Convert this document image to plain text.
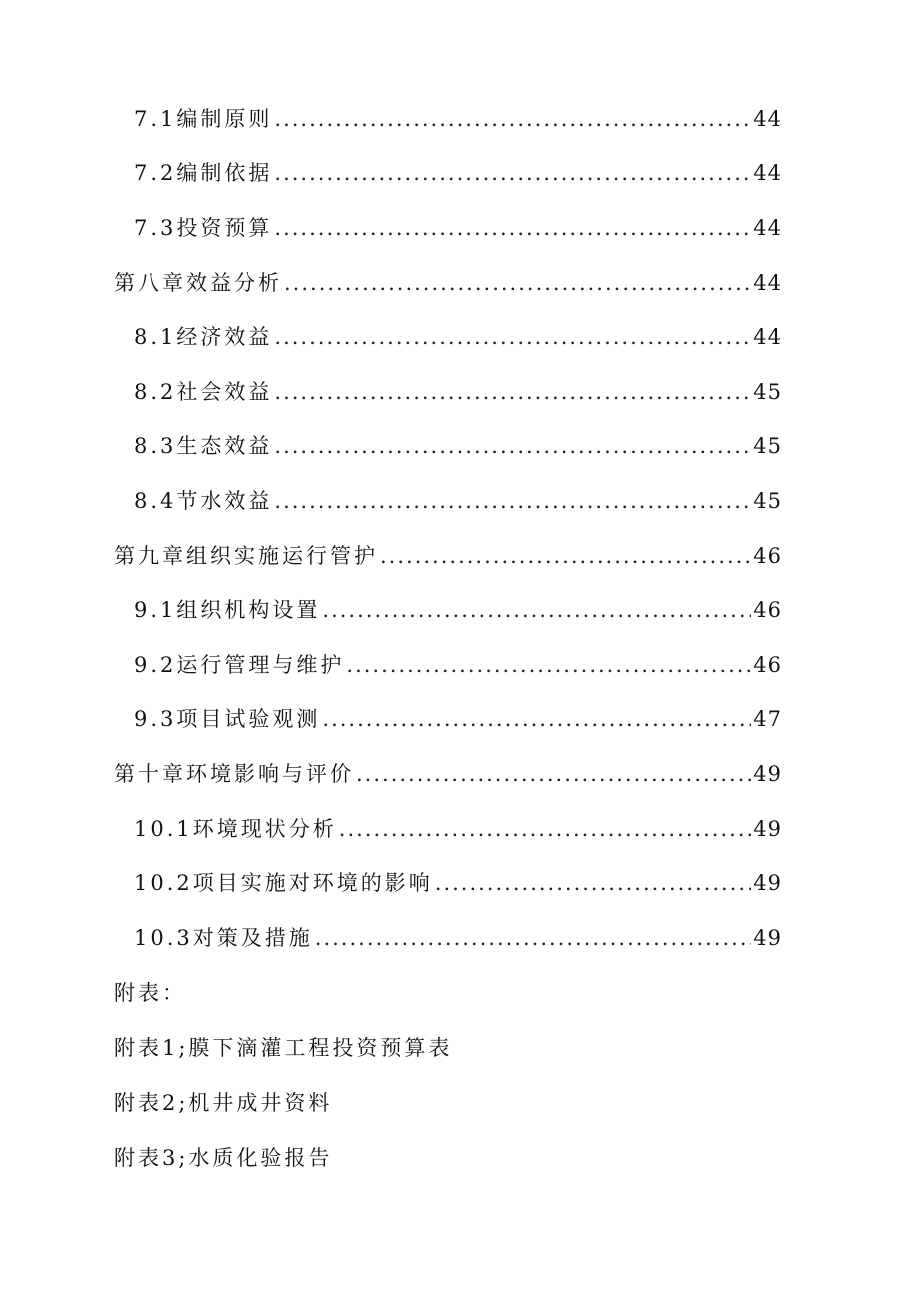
7.1编制原则 .....	44
7.2编制依据 .....	44
7.3投资预算 .....	44
第八章效益分析 .....	44
8.1经济效益 .....	44
8.2社会效益 .....	45
8.3生态效益 .....	45
8.4节水效益 .....	45
第九章组织实施运行管护 .....	46
9.1组织机构设置 .....	46
9.2运行管理与维护 .....	46
9.3项目试验观测 .....	47
第十章环境影响与评价 .....	49
10.1环境现状分析 .....	49
10.2项目实施对环境的影响 .....	49
10.3对策及措施 .....	49
附表：
附表1;膜下滴灌工程投资预算表
附表2;机井成井资料
附表3;水质化验报告
